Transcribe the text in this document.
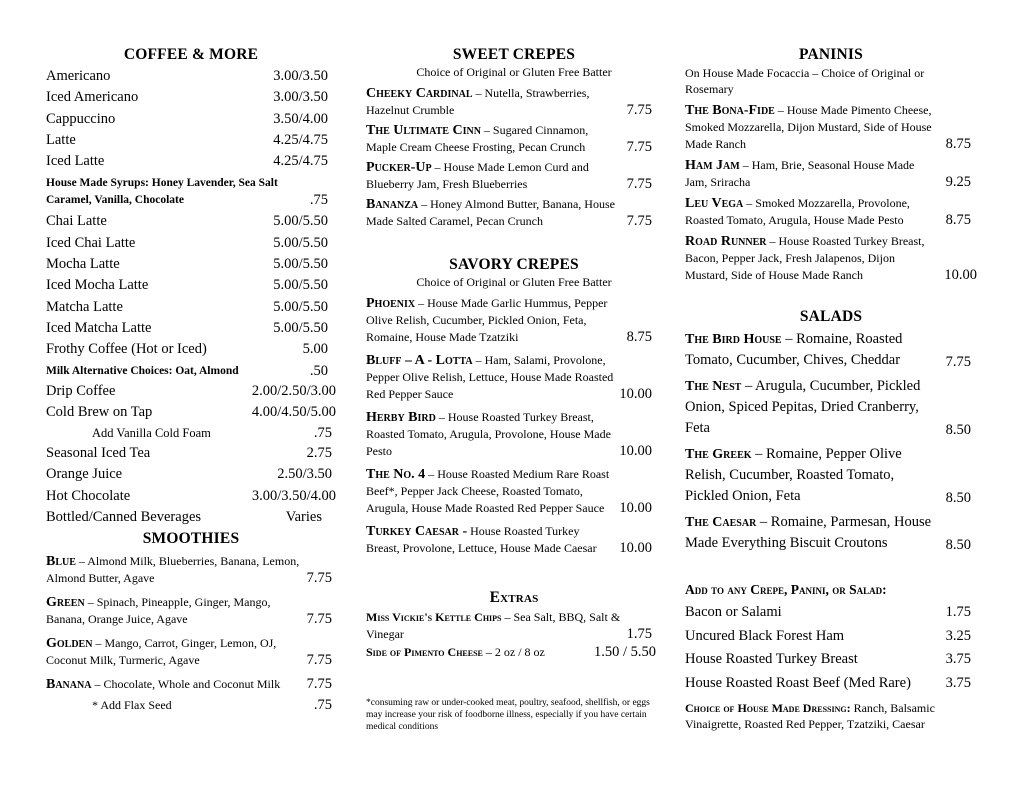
COFFEE & MORE
Americano	3.00/3.50
Iced Americano	3.00/3.50
Cappuccino	3.50/4.00
Latte	4.25/4.75
Iced Latte	4.25/4.75
House Made Syrups: Honey Lavender, Sea Salt
Caramel, Vanilla, Chocolate	.75
Chai Latte	5.00/5.50
Iced Chai Latte	5.00/5.50
Mocha Latte	5.00/5.50
Iced Mocha Latte	5.00/5.50
Matcha Latte	5.00/5.50
Iced Matcha Latte	5.00/5.50
Frothy Coffee (Hot or Iced)	5.00
Milk Alternative Choices: Oat, Almond	.50
Drip Coffee	2.00/2.50/3.00
Cold Brew on Tap	4.00/4.50/5.00
Add Vanilla Cold Foam	.75
Seasonal Iced Tea	2.75
Orange Juice	2.50/3.50
Hot Chocolate	3.00/3.50/4.00
Bottled/Canned Beverages	Varies
SMOOTHIES
Blue – Almond Milk, Blueberries, Banana, Lemon, Almond Butter, Agave	7.75
Green – Spinach, Pineapple, Ginger, Mango, Banana, Orange Juice, Agave	7.75
Golden – Mango, Carrot, Ginger, Lemon, OJ, Coconut Milk, Turmeric, Agave	7.75
Banana – Chocolate, Whole and Coconut Milk	7.75
* Add Flax Seed	.75
SWEET CREPES
Choice of Original or Gluten Free Batter
Cheeky Cardinal – Nutella, Strawberries, Hazelnut Crumble	7.75
The Ultimate Cinn – Sugared Cinnamon, Maple Cream Cheese Frosting, Pecan Crunch	7.75
Pucker-Up – House Made Lemon Curd and Blueberry Jam, Fresh Blueberries	7.75
Bananza – Honey Almond Butter, Banana, House Made Salted Caramel, Pecan Crunch	7.75
SAVORY CREPES
Choice of Original or Gluten Free Batter
Phoenix – House Made Garlic Hummus, Pepper Olive Relish, Cucumber, Pickled Onion, Feta, Romaine, House Made Tzatziki	8.75
Bluff – A - Lotta – Ham, Salami, Provolone, Pepper Olive Relish, Lettuce, House Made Roasted Red Pepper Sauce	10.00
Herby Bird – House Roasted Turkey Breast, Roasted Tomato, Arugula, Provolone, House Made Pesto	10.00
The No. 4 – House Roasted Medium Rare Roast Beef*, Pepper Jack Cheese, Roasted Tomato, Arugula, House Made Roasted Red Pepper Sauce	10.00
Turkey Caesar - House Roasted Turkey Breast, Provolone, Lettuce, House Made Caesar	10.00
Extras
Miss Vickie's Kettle Chips – Sea Salt, BBQ, Salt & Vinegar	1.75
Side of Pimento Cheese – 2 oz / 8 oz	1.50 / 5.50
*consuming raw or under-cooked meat, poultry, seafood, shellfish, or eggs may increase your risk of foodborne illness, especially if you have certain medical conditions
PANINIS
On House Made Focaccia – Choice of Original or Rosemary
The Bona-Fide – House Made Pimento Cheese, Smoked Mozzarella, Dijon Mustard, Side of House Made Ranch	8.75
Ham Jam – Ham, Brie, Seasonal House Made Jam, Sriracha	9.25
Leu Vega – Smoked Mozzarella, Provolone, Roasted Tomato, Arugula, House Made Pesto	8.75
Road Runner – House Roasted Turkey Breast, Bacon, Pepper Jack, Fresh Jalapenos, Dijon Mustard, Side of House Made Ranch	10.00
SALADS
The Bird House – Romaine, Roasted Tomato, Cucumber, Chives, Cheddar	7.75
The Nest – Arugula, Cucumber, Pickled Onion, Spiced Pepitas, Dried Cranberry, Feta	8.50
The Greek – Romaine, Pepper Olive Relish, Cucumber, Roasted Tomato, Pickled Onion, Feta	8.50
The Caesar – Romaine, Parmesan, House Made Everything Biscuit Croutons	8.50
Add to any Crepe, Panini, or Salad:
Bacon or Salami	1.75
Uncured Black Forest Ham	3.25
House Roasted Turkey Breast	3.75
House Roasted Roast Beef (Med Rare) 3.75
Choice of House Made Dressing: Ranch, Balsamic Vinaigrette, Roasted Red Pepper, Tzatziki, Caesar
